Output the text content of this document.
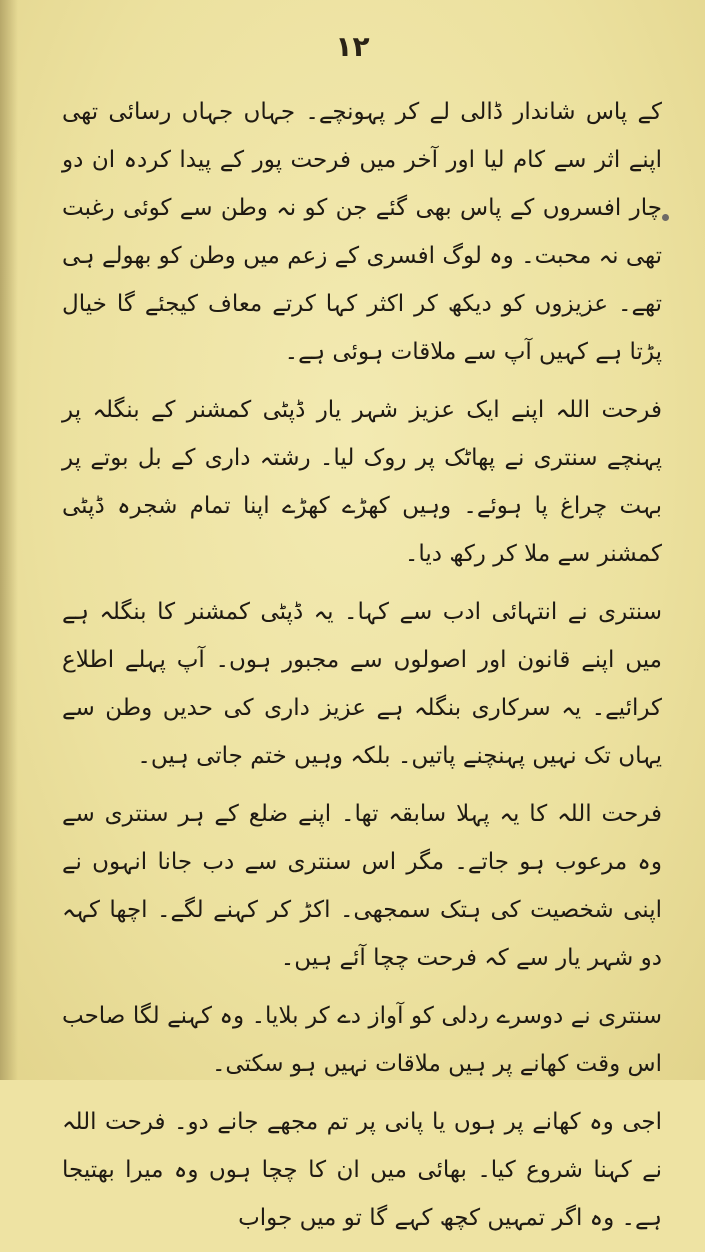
۱۲

کے پاس شاندار ڈالی لے کر پہونچے۔ جہاں جہاں رسائی تھی اپنے اثر سے کام لیا اور آخر میں فرحت پور کے پیدا کردہ ان دو چار افسروں کے پاس بھی گئے جن کو نہ وطن سے کوئی رغبت تھی نہ محبت۔ وہ لوگ افسری کے زعم میں وطن کو بھولے ہی تھے۔ عزیزوں کو دیکھ کر اکثر کہا کرتے معاف کیجئے گا خیال پڑتا ہے کہیں آپ سے ملاقات ہوئی ہے۔

فرحت اللہ اپنے ایک عزیز شہر یار ڈپٹی کمشنر کے بنگلہ پر پہنچے سنتری نے پھاٹک پر روک لیا۔ رشتہ داری کے بل بوتے پر بہت چراغ پا ہوئے۔ وہیں کھڑے کھڑے اپنا تمام شجرہ ڈپٹی کمشنر سے ملا کر رکھ دیا۔

سنتری نے انتہائی ادب سے کہا۔ یہ ڈپٹی کمشنر کا بنگلہ ہے میں اپنے قانون اور اصولوں سے مجبور ہوں۔ آپ پہلے اطلاع کرائیے۔ یہ سرکاری بنگلہ ہے عزیز داری کی حدیں وطن سے یہاں تک نہیں پہنچنے پاتیں۔ بلکہ وہیں ختم جاتی ہیں۔

فرحت اللہ کا یہ پہلا سابقہ تھا۔ اپنے ضلع کے ہر سنتری سے وہ مرعوب ہو جاتے۔ مگر اس سنتری سے دب جانا انہوں نے اپنی شخصیت کی ہتک سمجھی۔ اکڑ کر کہنے لگے۔ اچھا کہہ دو شہر یار سے کہ فرحت چچا آئے ہیں۔

سنتری نے دوسرے ردلی کو آواز دے کر بلایا۔ وہ کہنے لگا صاحب اس وقت کھانے پر ہیں ملاقات نہیں ہو سکتی۔

اجی وہ کھانے پر ہوں یا پانی پر تم مجھے جانے دو۔ فرحت اللہ نے کہنا شروع کیا۔ بھائی میں ان کا چچا ہوں وہ میرا بھتیجا ہے۔ وہ اگر تمہیں کچھ کہے گا تو میں جواب
